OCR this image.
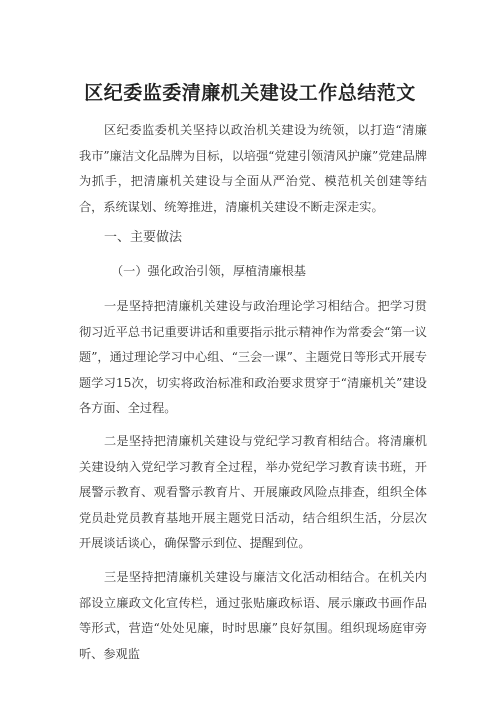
区纪委监委清廉机关建设工作总结范文

区纪委监委机关坚持以政治机关建设为统领，以打造“清廉我市”廉洁文化品牌为目标，以培强“党建引领清风护廉”党建品牌为抓手，把清廉机关建设与全面从严治党、模范机关创建等结合，系统谋划、统筹推进，清廉机关建设不断走深走实。

一、主要做法

（一）强化政治引领，厚植清廉根基

一是坚持把清廉机关建设与政治理论学习相结合。把学习贯彻习近平总书记重要讲话和重要指示批示精神作为常委会“第一议题”，通过理论学习中心组、“三会一课”、主题党日等形式开展专题学习15次，切实将政治标准和政治要求贯穿于“清廉机关”建设各方面、全过程。

二是坚持把清廉机关建设与党纪学习教育相结合。将清廉机关建设纳入党纪学习教育全过程，举办党纪学习教育读书班，开展警示教育、观看警示教育片、开展廉政风险点排查，组织全体党员赴党员教育基地开展主题党日活动，结合组织生活，分层次开展谈话谈心，确保警示到位、提醒到位。

三是坚持把清廉机关建设与廉洁文化活动相结合。在机关内部设立廉政文化宣传栏，通过张贴廉政标语、展示廉政书画作品等形式，营造“处处见廉，时时思廉”良好氛围。组织现场庭审旁听、参观监
